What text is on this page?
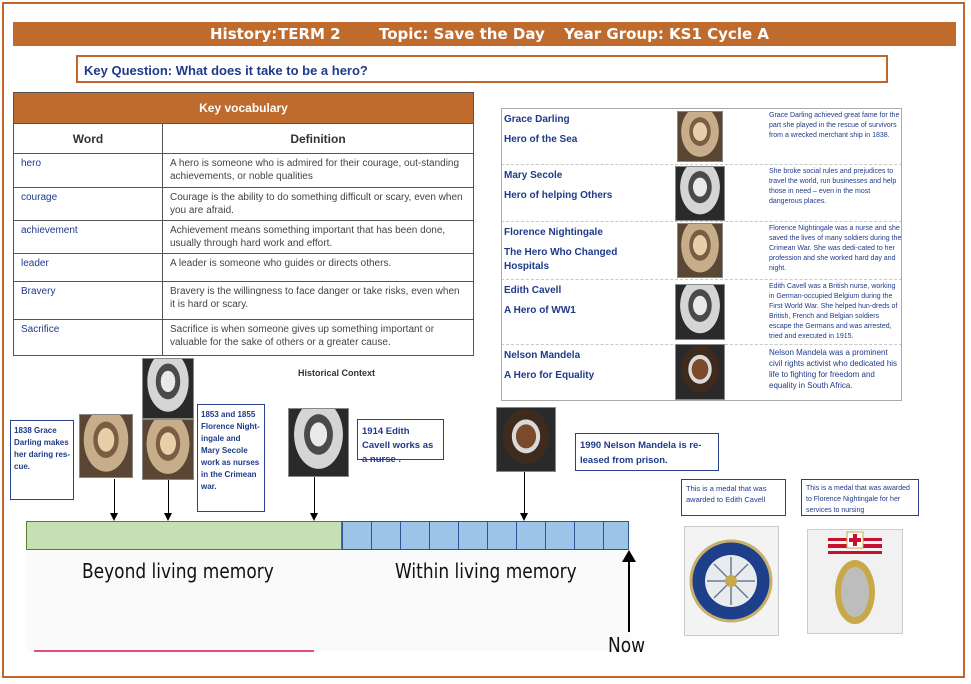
History: TERM 2	Topic: Save the Day Year Group: KS1 Cycle A
Key Question: What does it take to be a hero?
Key vocabulary	
Word	Definition
hero	A hero is someone who is admired for their courage, out-standing achievements, or noble qualities
courage	Courage is the ability to do something difficult or scary, even when you are afraid.
achievement	Achievement means something important that has been done, usually through hard work and effort.
leader	A leader is someone who guides or directs others.
Bravery	Bravery is the willingness to face danger or take risks, even when it is hard or scary.
Sacrifice	Sacrifice is when someone gives up something important or valuable for the sake of others or a greater cause.
Grace Darling
Hero of the Sea
Grace Darling achieved great fame for the part she played in the rescue of survivors from a wrecked merchant ship in 1838.
Mary Secole
Hero of helping Others
She broke social rules and prejudices to travel the world, run businesses and help those in need – even in the most dangerous places.
Florence Nightingale
The Hero Who Changed Hospitals
Florence Nightingale was a nurse and she saved the lives of many soldiers during the Crimean War. She was dedi-cated to her profession and she worked hard day and night.
Edith Cavell
A Hero of WW1
Edith Cavell was a British nurse, working in German-occupied Belgium during the First World War. She helped hun-dreds of British, French and Belgian soldiers escape the Germans and was arrested, tried and executed in 1915.
Nelson Mandela
A Hero for Equality
Nelson Mandela was a prominent civil rights activist who dedicated his life to fighting for freedom and equality in South Africa.
Historical Context
1838 Grace Darling makes her daring res-cue.
1853 and 1855 Florence Night-ingale and Mary Secole work as nurses in the Crimean war.
1914 Edith Cavell works as a nurse .
1990 Nelson Mandela is re-leased from prison.
Beyond living memory	Within living memory
Now
This is a medal that was awarded to Edith Cavell
This is a medal that was awarded to Florence Nightingale for her services to nursing
